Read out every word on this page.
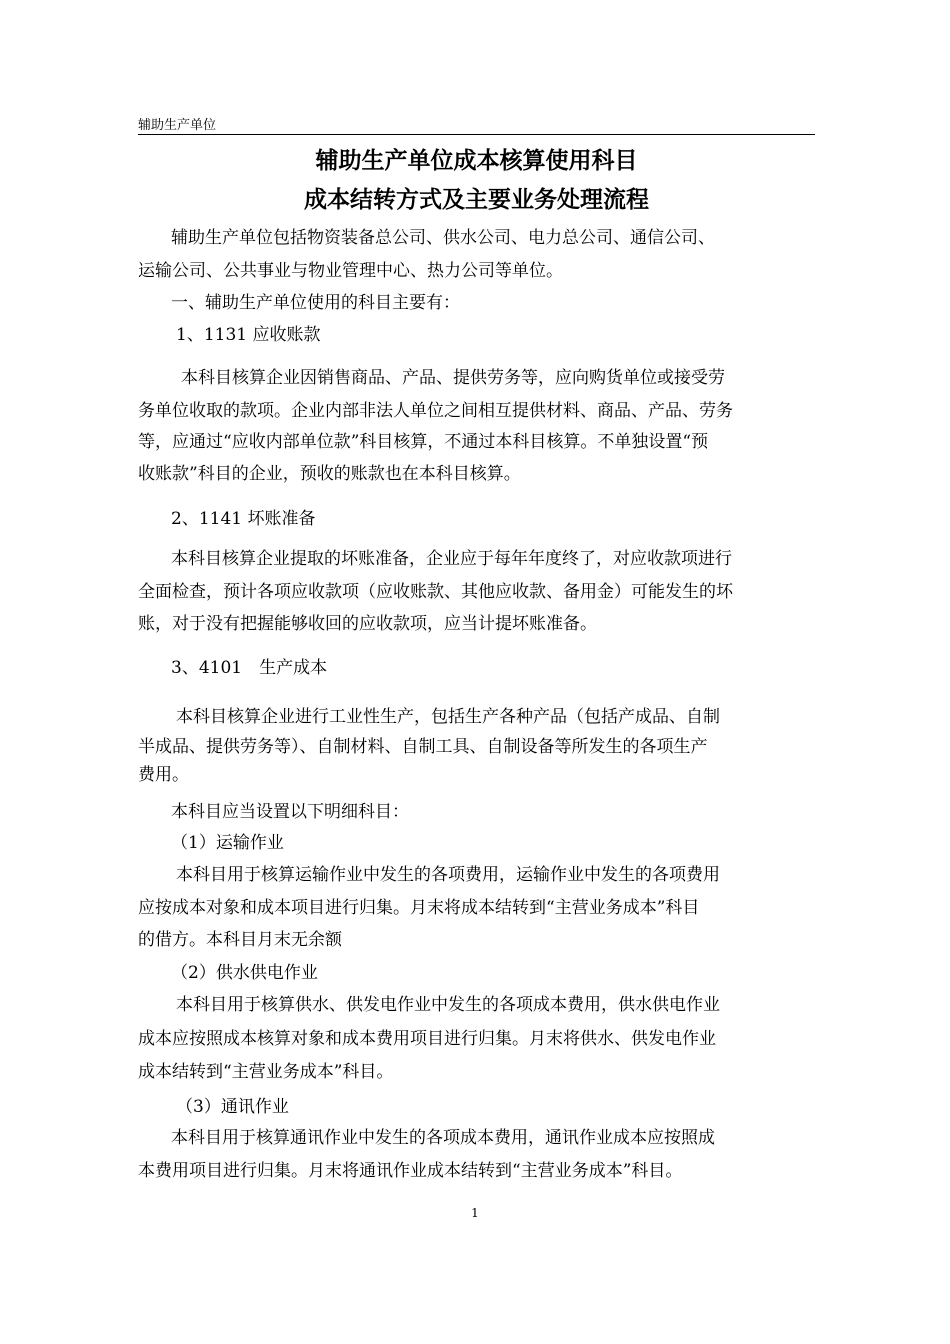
辅助生产单位
辅助生产单位成本核算使用科目
成本结转方式及主要业务处理流程
辅助生产单位包括物资装备总公司、供水公司、电力总公司、通信公司、
运输公司、公共事业与物业管理中心、热力公司等单位。
一、辅助生产单位使用的科目主要有：
1、1131 应收账款
本科目核算企业因销售商品、产品、提供劳务等，应向购货单位或接受劳
务单位收取的款项。企业内部非法人单位之间相互提供材料、商品、产品、劳务
等，应通过“应收内部单位款”科目核算，不通过本科目核算。不单独设置“预
收账款”科目的企业，预收的账款也在本科目核算。
2、1141 坏账准备
本科目核算企业提取的坏账准备，企业应于每年年度终了，对应收款项进行
全面检查，预计各项应收款项（应收账款、其他应收款、备用金）可能发生的坏
账，对于没有把握能够收回的应收款项，应当计提坏账准备。
3、4101　生产成本
本科目核算企业进行工业性生产，包括生产各种产品（包括产成品、自制
半成品、提供劳务等）、自制材料、自制工具、自制设备等所发生的各项生产
费用。
本科目应当设置以下明细科目：
（1）运输作业
本科目用于核算运输作业中发生的各项费用，运输作业中发生的各项费用
应按成本对象和成本项目进行归集。月末将成本结转到“主营业务成本”科目
的借方。本科目月末无余额
（2）供水供电作业
本科目用于核算供水、供发电作业中发生的各项成本费用，供水供电作业
成本应按照成本核算对象和成本费用项目进行归集。月末将供水、供发电作业
成本结转到“主营业务成本”科目。
（3）通讯作业
本科目用于核算通讯作业中发生的各项成本费用，通讯作业成本应按照成
本费用项目进行归集。月末将通讯作业成本结转到“主营业务成本”科目。
1
